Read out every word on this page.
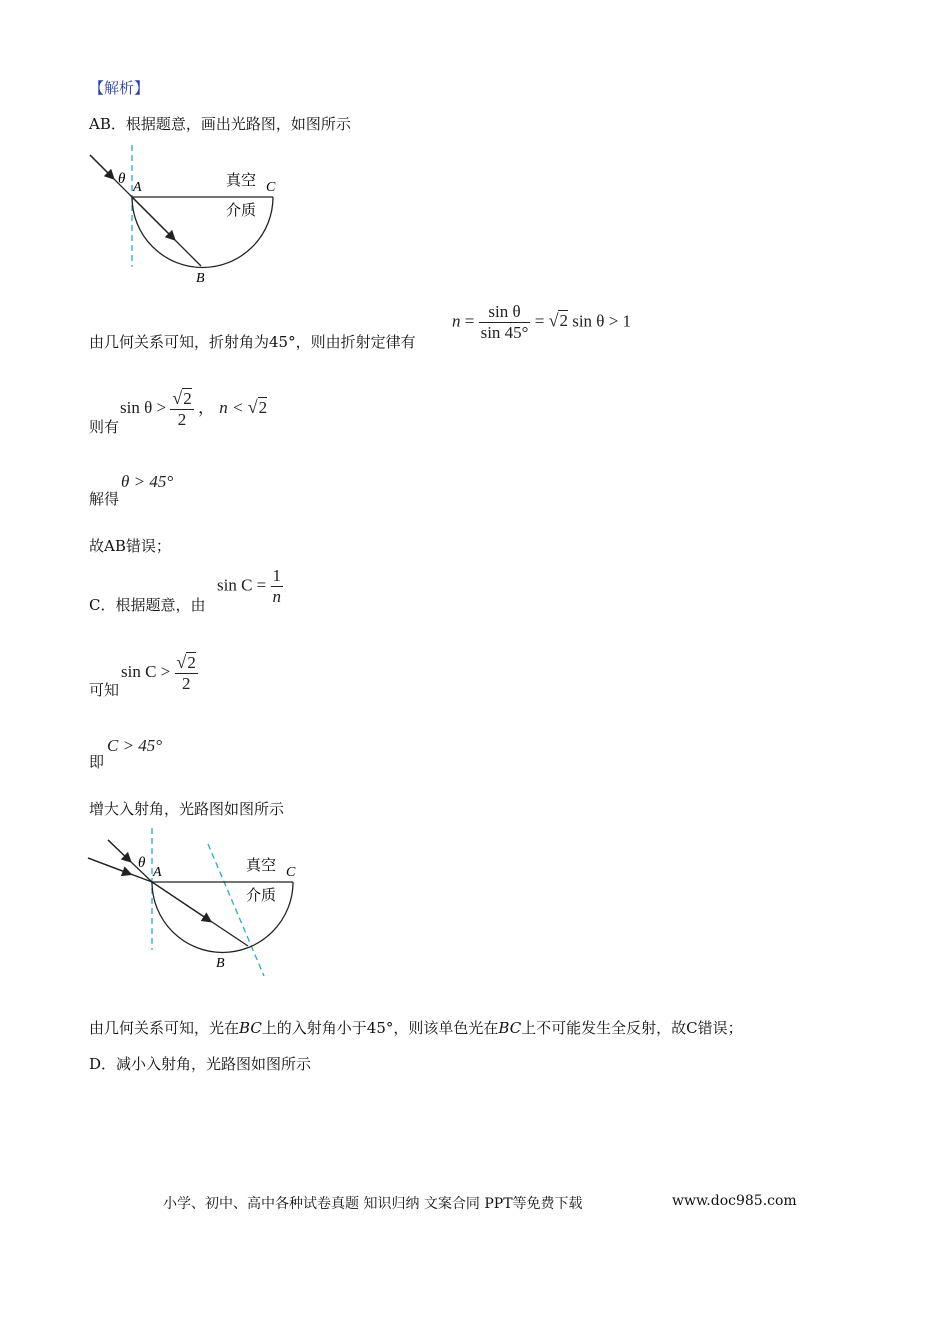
【解析】
AB．根据题意，画出光路图，如图所示
θ
A
B
C
真空
介质
由几何关系可知，折射角为45°，则由折射定律有
$n = \frac{\text{sin θ}}{\sin 45^\circ} = √2$ sin θ > 1
则有
$\sin \theta > \frac{√2}{2}$ ， n < √2
解得
θ > 45°
故AB错误；
C．根据题意，由
$\sin C = \frac{1}{n}$
可知
$\sin C > \frac{√2}{2}$
即
C > 45°
增大入射角，光路图如图所示
θ
A
B
C
真空
介质
由几何关系可知，光在BC上的入射角小于45°，则该单色光在BC上不可能发生全反射，故C错误；
D．减小入射角，光路图如图所示
小学、初中、高中各种试卷真题 知识归纳 文案合同 PPT等免费下载	www.doc985.com
